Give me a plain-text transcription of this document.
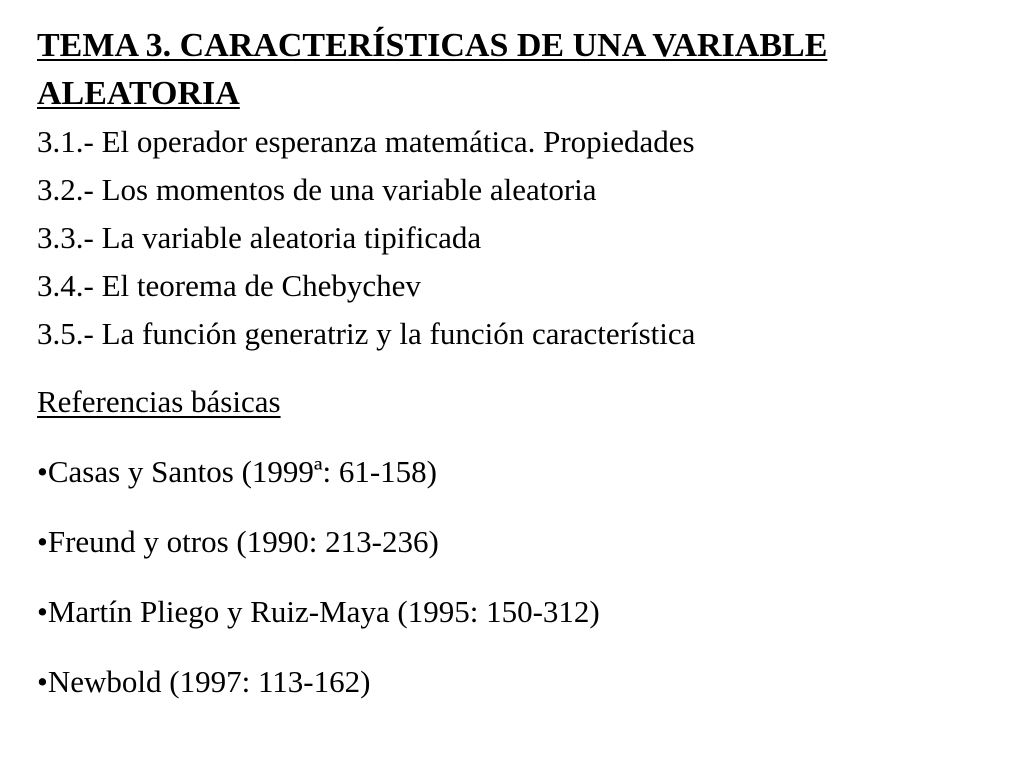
TEMA 3. CARACTERÍSTICAS DE UNA VARIABLE
ALEATORIA
3.1.- El operador esperanza matemática. Propiedades
3.2.- Los momentos de una variable aleatoria
3.3.- La variable aleatoria tipificada
3.4.- El teorema de Chebychev
3.5.- La función generatriz y la función característica
Referencias básicas
•Casas y Santos (1999ª: 61-158)
•Freund y otros (1990: 213-236)
•Martín Pliego y Ruiz-Maya (1995: 150-312)
•Newbold (1997: 113-162)
